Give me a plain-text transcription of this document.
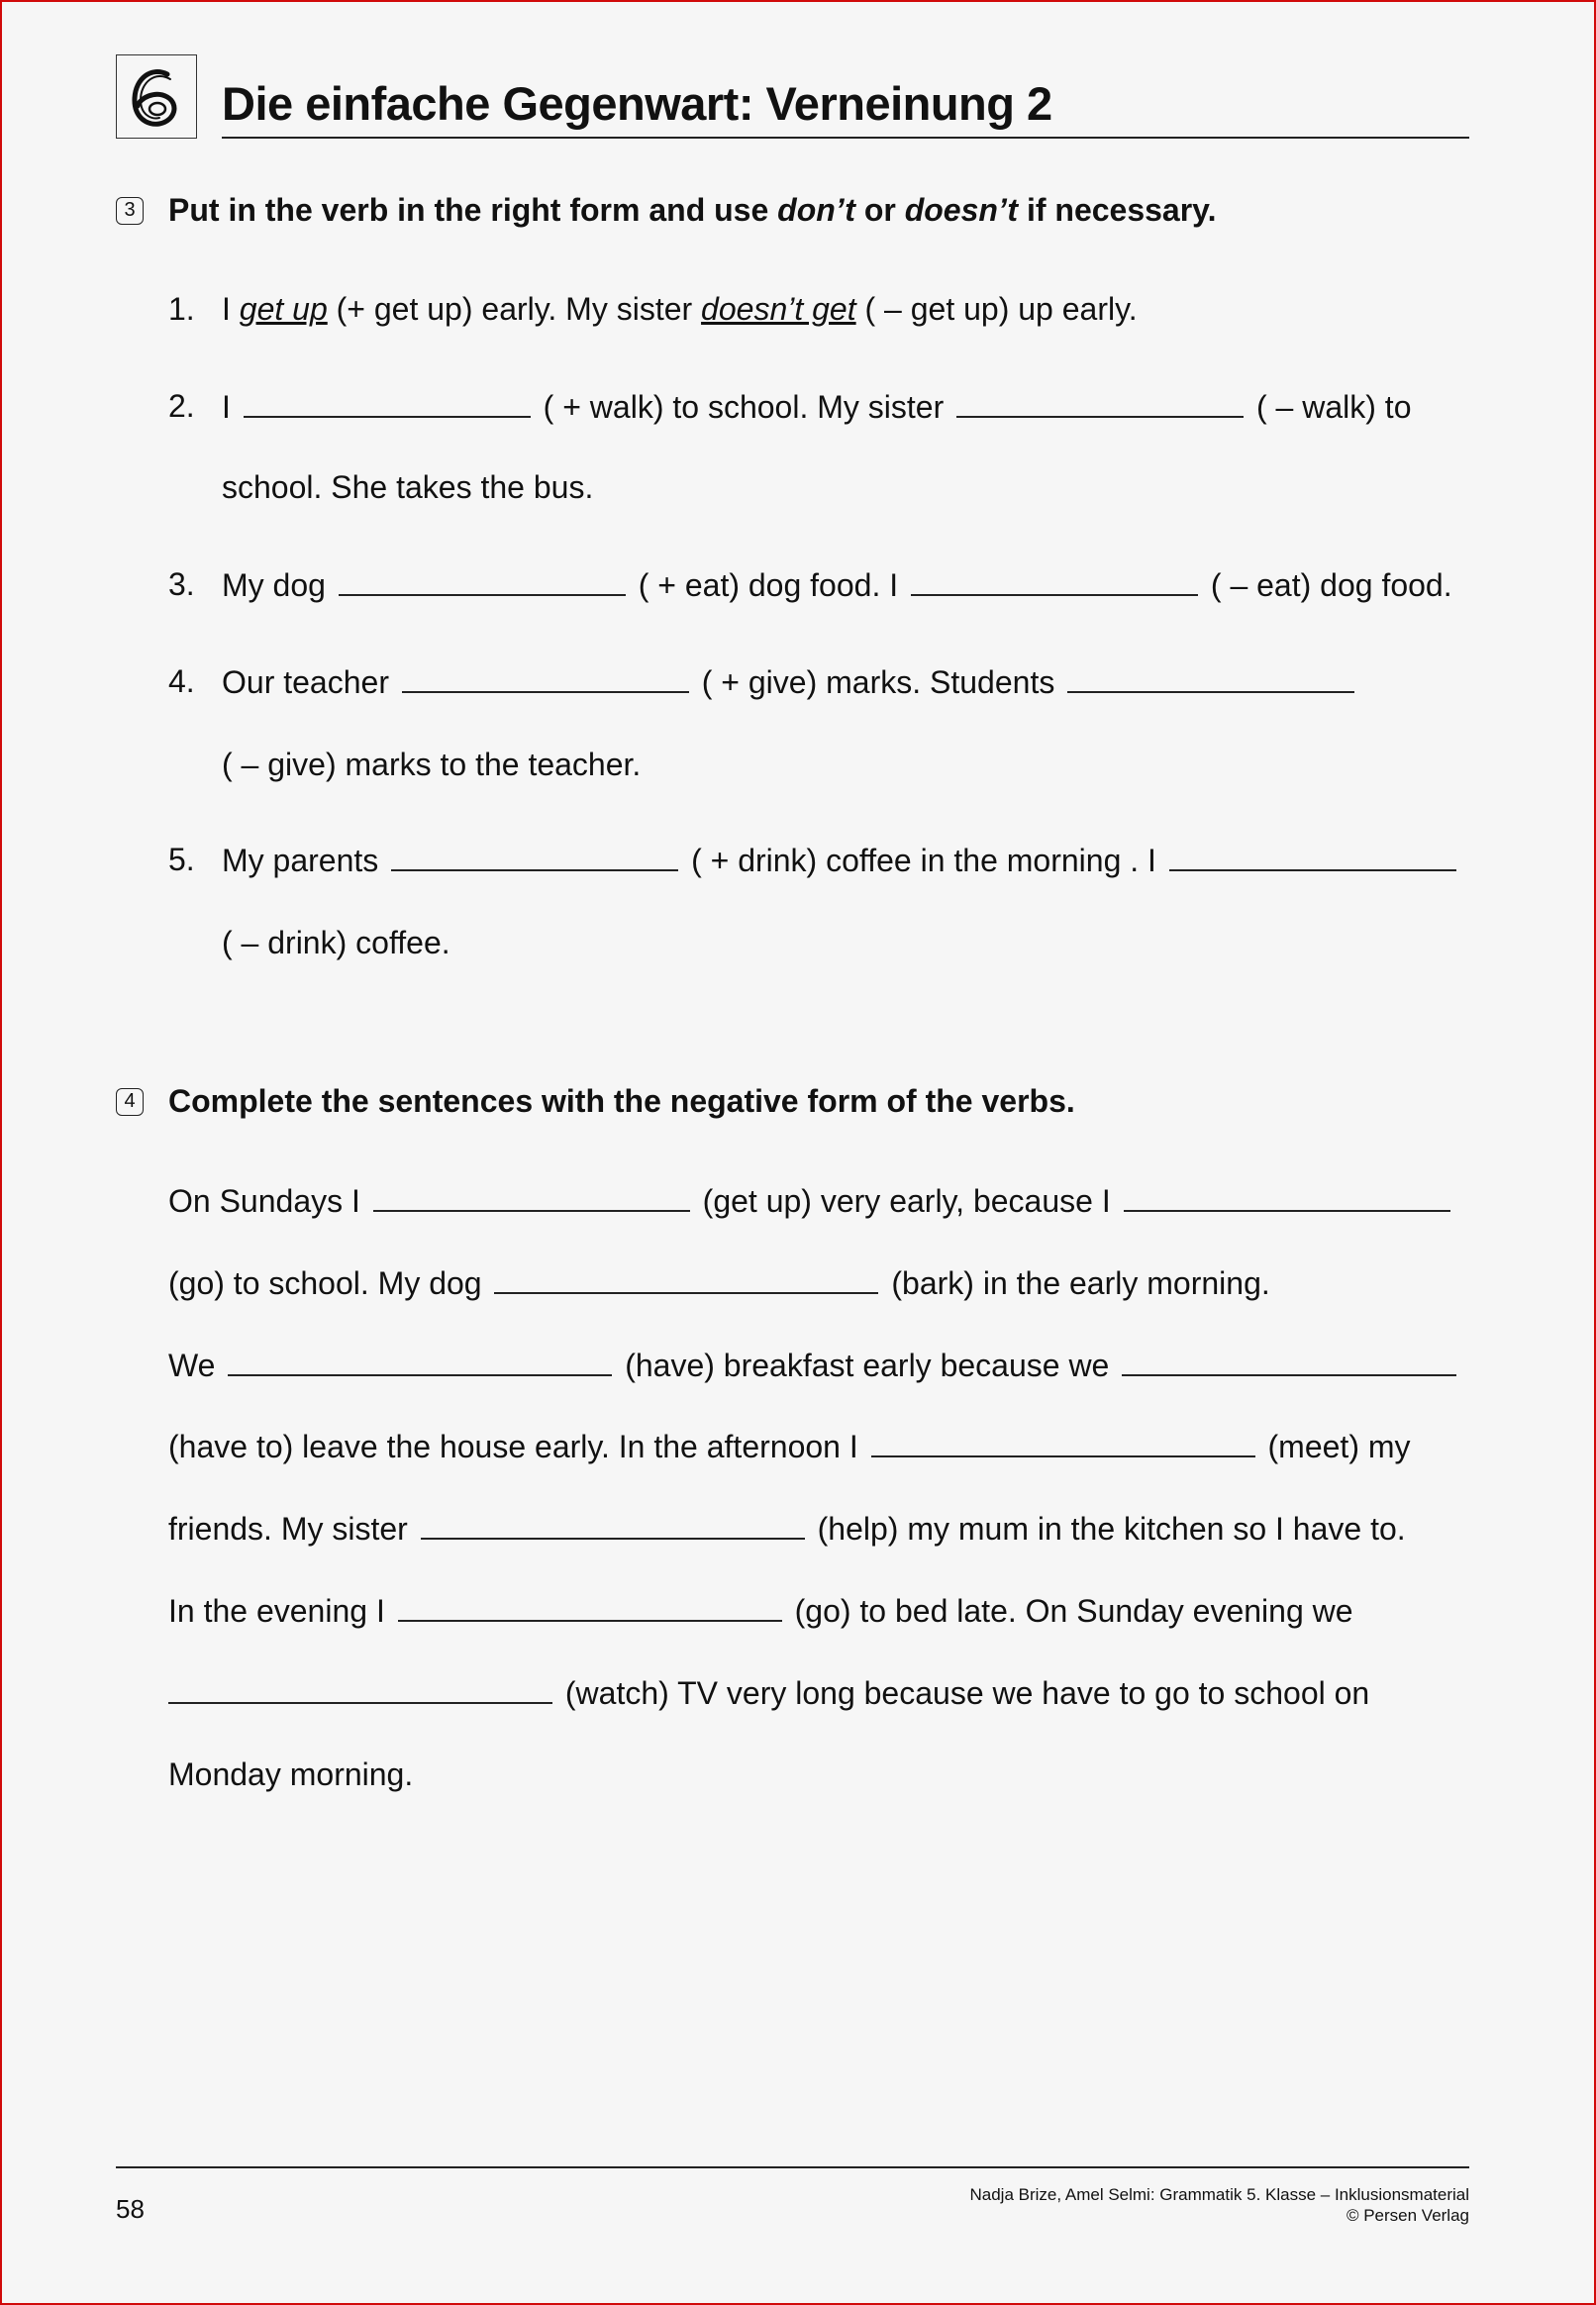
Die einfache Gegenwart: Verneinung 2
3 Put in the verb in the right form and use don’t or doesn’t if necessary.
1. I get up (+ get up) early. My sister doesn’t get ( – get up) up early.
2. I	( + walk) to school. My sister	( – walk) to
school. She takes the bus.
3. My dog	( + eat) dog food. I	( – eat) dog food.
4. Our teacher	( + give) marks. Students
( – give) marks to the teacher.
5. My parents	( + drink) coffee in the morning . I
( – drink) coffee.
4 Complete the sentences with the negative form of the verbs.
On Sundays I	(get up) very early, because I
(go) to school. My dog	(bark) in the early morning.
We	(have) breakfast early because we
(have to) leave the house early. In the afternoon I	(meet) my
friends. My sister	(help) my mum in the kitchen so I have to.
In the evening I	(go) to bed late. On Sunday evening we
(watch) TV very long because we have to go to school on
Monday morning.
58	Nadja Brize, Amel Selmi: Grammatik 5. Klasse – Inklusionsmaterial
© Persen Verlag
